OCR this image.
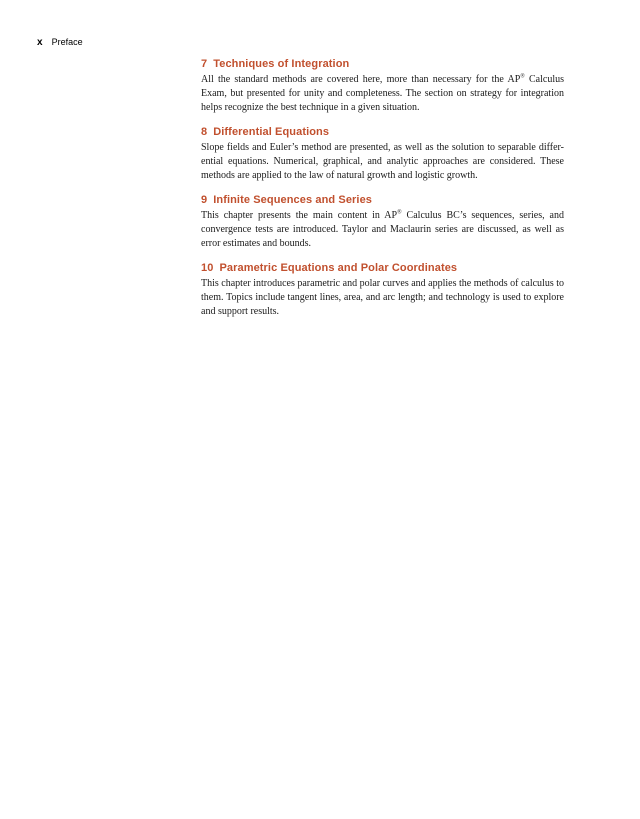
x Preface
7 Techniques of Integration

All the standard methods are covered here, more than necessary for the AP® Calculus Exam, but presented for unity and completeness. The section on strategy for integration helps recognize the best technique in a given situation.

8 Differential Equations

Slope fields and Euler’s method are presented, as well as the solution to separable differ- ential equations. Numerical, graphical, and analytic approaches are considered. These methods are applied to the law of natural growth and logistic growth.

9 Infinite Sequences and Series

This chapter presents the main content in AP® Calculus BC’s sequences, series, and convergence tests are introduced. Taylor and Maclaurin series are discussed, as well as error estimates and bounds.

10 Parametric Equations and Polar Coordinates

This chapter introduces parametric and polar curves and applies the methods of calculus to them. Topics include tangent lines, area, and arc length; and technology is used to explore and support results.
